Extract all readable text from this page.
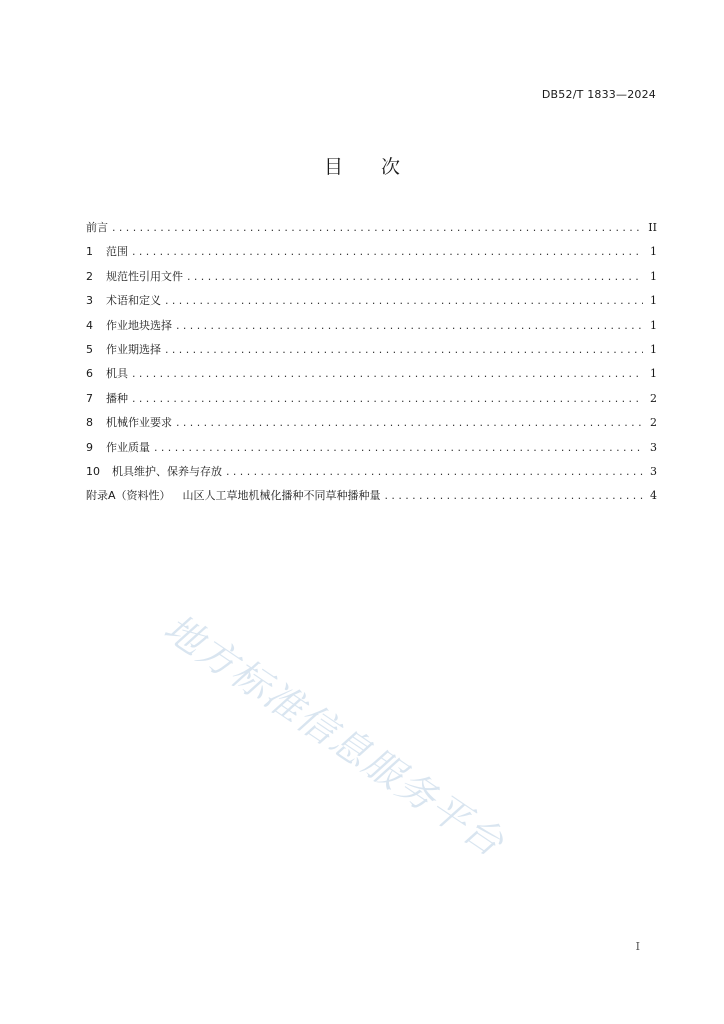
DB52/T 1833—2024
目 次
前言 .....	II
1	范围 .....	1
2	规范性引用文件 .....	1
3	术语和定义 .....	1
4	作业地块选择 .....	1
5	作业期选择 .....	1
6	机具 .....	1
7	播种 .....	2
8	机械作业要求 .....	2
9	作业质量 .....	3
10	机具维护、保养与存放 .....	3
附录A（资料性） 山区人工草地机械化播种不同草种播种量 .....	4
地方标准信息服务平台
I
